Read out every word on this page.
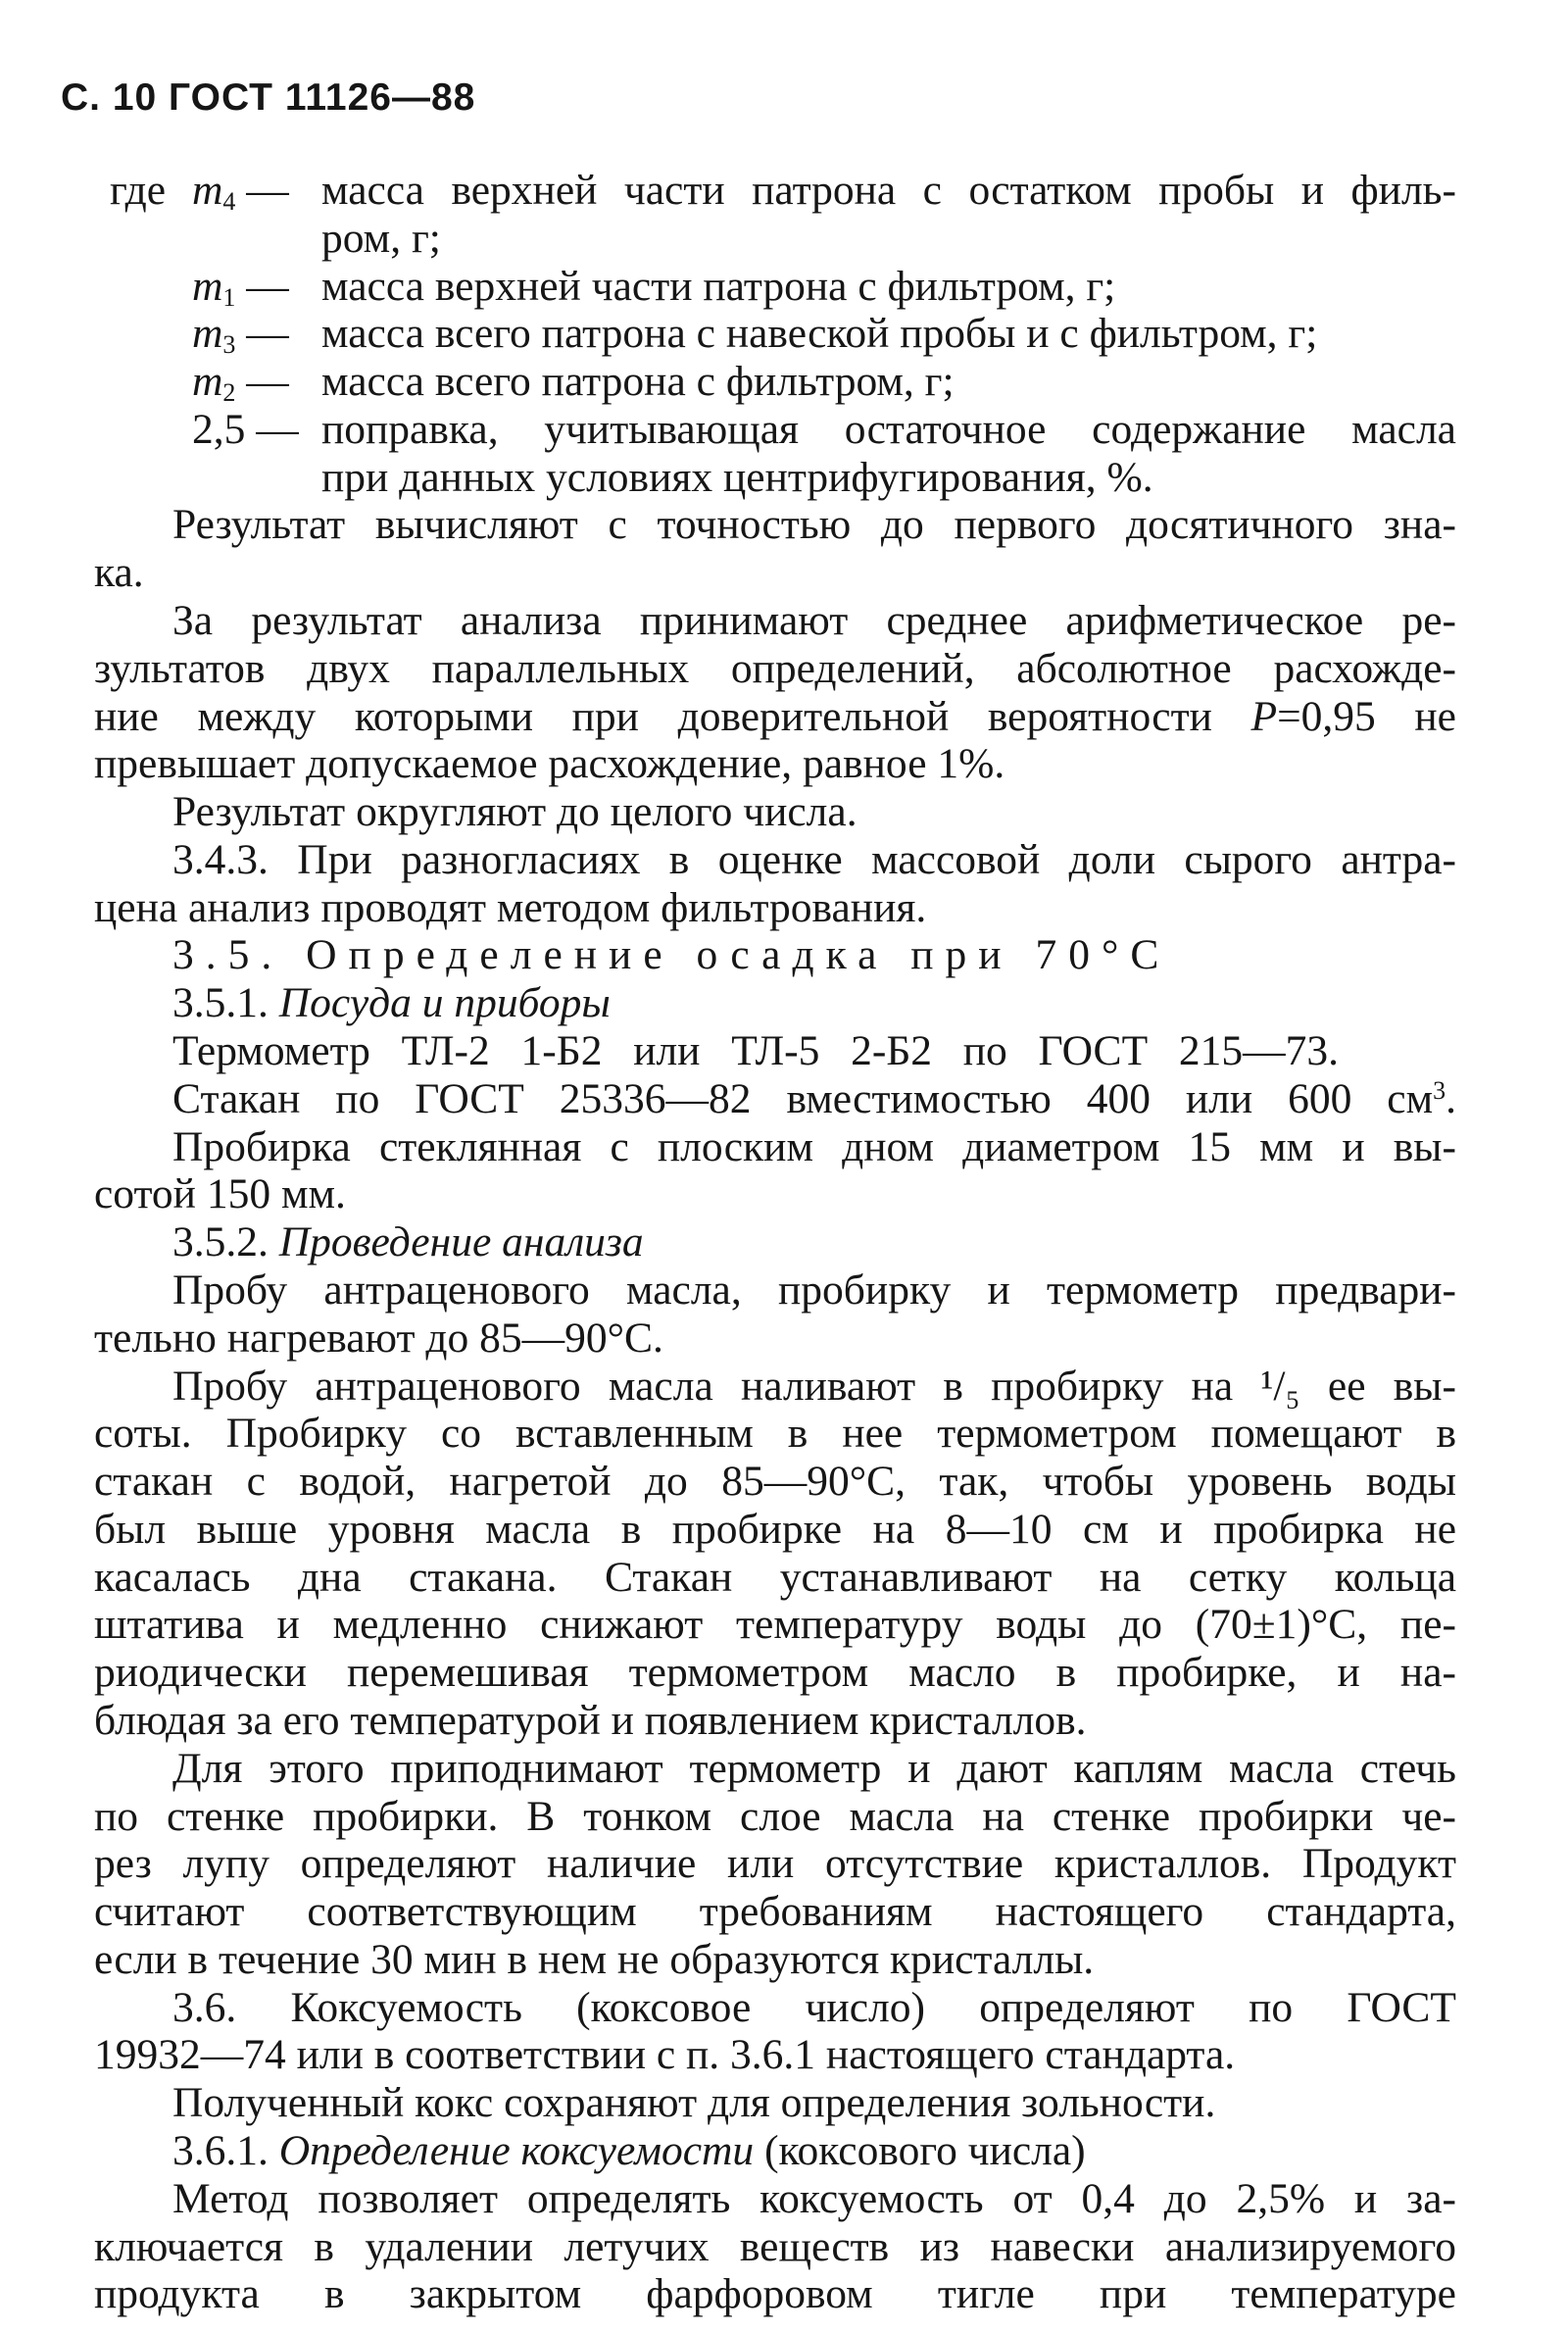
С. 10 ГОСТ 11126—88
где $m_4$ — масса верхней части патрона с остатком пробы и филь-
ром, г;
$m_1$ — масса верхней части патрона с фильтром, г;
$m_3$ — масса всего патрона с навеской пробы и с фильтром, г;
$m_2$ — масса всего патрона с фильтром, г;
2,5 — поправка, учитывающая остаточное содержание масла
при данных условиях центрифугирования, %.
Результат вычисляют с точностью до первого досятичного зна-
ка.
За результат анализа принимают среднее арифметическое ре-
зультатов двух параллельных определений, абсолютное расхожде-
ние между которыми при доверительной вероятности P=0,95 не
превышает допускаемое расхождение, равное 1%.
Результат округляют до целого числа.
3.4.3. При разногласиях в оценке массовой доли сырого антра-
цена анализ проводят методом фильтрования.
3.5. Определение осадка при 70°С
3.5.1. Посуда и приборы
Термометр ТЛ-2 1-Б2 или ТЛ-5 2-Б2 по ГОСТ 215—73.
Стакан по ГОСТ 25336—82 вместимостью 400 или 600 $см^3$.
Пробирка стеклянная с плоским дном диаметром 15 мм и вы-
сотой 150 мм.
3.5.2. Проведение анализа
Пробу антраценового масла, пробирку и термометр предвари-
тельно нагревают до 85—90°С.
Пробу антраценового масла наливают в пробирку на ¹/₅ ее вы-
соты. Пробирку со вставленным в нее термометром помещают в
стакан с водой, нагретой до 85—90°С, так, чтобы уровень воды
был выше уровня масла в пробирке на 8—10 см и пробирка не
касалась дна стакана. Стакан устанавливают на сетку кольца
штатива и медленно снижают температуру воды до (70±1)°С, пе-
риодически перемешивая термометром масло в пробирке, и на-
блюдая за его температурой и появлением кристаллов.
Для этого приподнимают термометр и дают каплям масла стечь
по стенке пробирки. В тонком слое масла на стенке пробирки че-
рез лупу определяют наличие или отсутствие кристаллов. Продукт
считают соответствующим требованиям настоящего стандарта,
если в течение 30 мин в нем не образуются кристаллы.
3.6. Коксуемость (коксовое число) определяют по ГОСТ
19932—74 или в соответствии с п. 3.6.1 настоящего стандарта.
Полученный кокс сохраняют для определения зольности.
3.6.1. Определение коксуемости (коксового числа)
Метод позволяет определять коксуемость от 0,4 до 2,5% и за-
ключается в удалении летучих веществ из навески анализируемого
продукта в закрытом фарфоровом тигле при температуре
